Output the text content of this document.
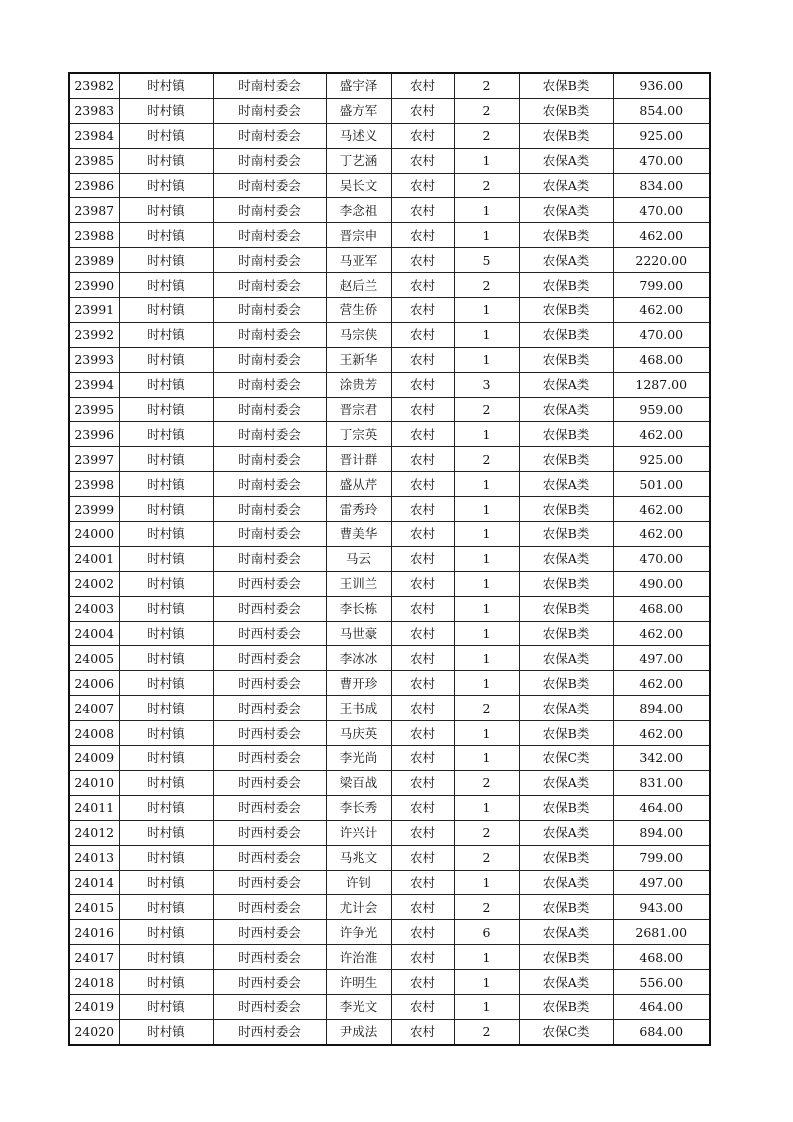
23982	时村镇	时南村委会	盛宇泽	农村	2	农保B类	936.00
23983	时村镇	时南村委会	盛方军	农村	2	农保B类	854.00
23984	时村镇	时南村委会	马述义	农村	2	农保B类	925.00
23985	时村镇	时南村委会	丁艺涵	农村	1	农保A类	470.00
23986	时村镇	时南村委会	吴长文	农村	2	农保A类	834.00
23987	时村镇	时南村委会	李念祖	农村	1	农保A类	470.00
23988	时村镇	时南村委会	晋宗申	农村	1	农保B类	462.00
23989	时村镇	时南村委会	马亚军	农村	5	农保A类	2220.00
23990	时村镇	时南村委会	赵后兰	农村	2	农保B类	799.00
23991	时村镇	时南村委会	营生侨	农村	1	农保B类	462.00
23992	时村镇	时南村委会	马宗侠	农村	1	农保B类	470.00
23993	时村镇	时南村委会	王新华	农村	1	农保B类	468.00
23994	时村镇	时南村委会	涂贵芳	农村	3	农保A类	1287.00
23995	时村镇	时南村委会	晋宗君	农村	2	农保A类	959.00
23996	时村镇	时南村委会	丁宗英	农村	1	农保B类	462.00
23997	时村镇	时南村委会	晋计群	农村	2	农保B类	925.00
23998	时村镇	时南村委会	盛从芹	农村	1	农保A类	501.00
23999	时村镇	时南村委会	雷秀玲	农村	1	农保B类	462.00
24000	时村镇	时南村委会	曹美华	农村	1	农保B类	462.00
24001	时村镇	时南村委会	马云	农村	1	农保A类	470.00
24002	时村镇	时西村委会	王训兰	农村	1	农保B类	490.00
24003	时村镇	时西村委会	李长栋	农村	1	农保B类	468.00
24004	时村镇	时西村委会	马世豪	农村	1	农保B类	462.00
24005	时村镇	时西村委会	李冰冰	农村	1	农保A类	497.00
24006	时村镇	时西村委会	曹开珍	农村	1	农保B类	462.00
24007	时村镇	时西村委会	王书成	农村	2	农保A类	894.00
24008	时村镇	时西村委会	马庆英	农村	1	农保B类	462.00
24009	时村镇	时西村委会	李光尚	农村	1	农保C类	342.00
24010	时村镇	时西村委会	梁百战	农村	2	农保A类	831.00
24011	时村镇	时西村委会	李长秀	农村	1	农保B类	464.00
24012	时村镇	时西村委会	许兴计	农村	2	农保A类	894.00
24013	时村镇	时西村委会	马兆文	农村	2	农保B类	799.00
24014	时村镇	时西村委会	许钊	农村	1	农保A类	497.00
24015	时村镇	时西村委会	尤计会	农村	2	农保B类	943.00
24016	时村镇	时西村委会	许争光	农村	6	农保A类	2681.00
24017	时村镇	时西村委会	许治淮	农村	1	农保B类	468.00
24018	时村镇	时西村委会	许明生	农村	1	农保A类	556.00
24019	时村镇	时西村委会	李光文	农村	1	农保B类	464.00
24020	时村镇	时西村委会	尹成法	农村	2	农保C类	684.00
